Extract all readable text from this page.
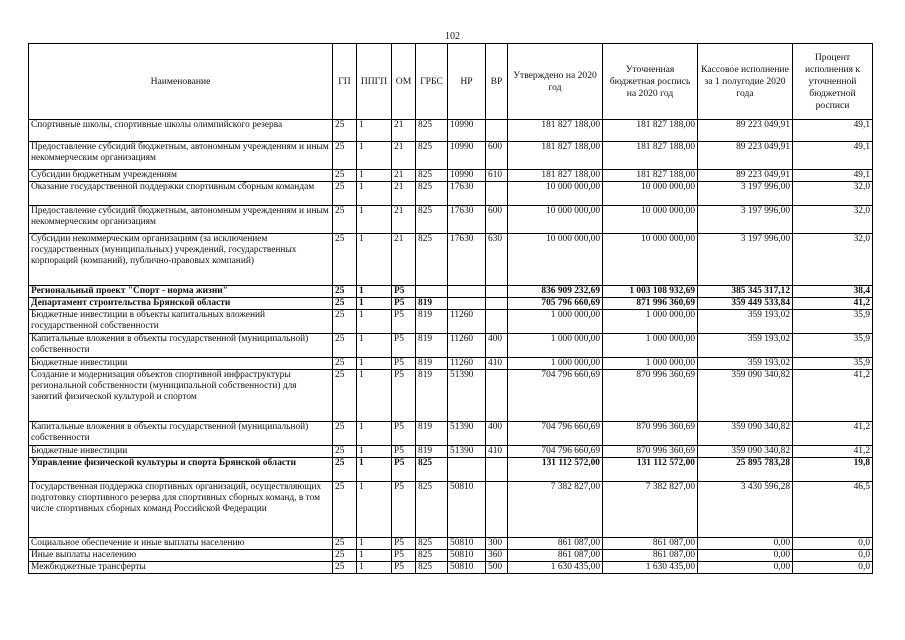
102
Наименование	ГП	ППГП	ОМ	ГРБС	НР	ВР	Утверждено на 2020 год	Уточненная бюджетная роспись на 2020 год	Кассовое исполнение за 1 полугодие 2020 года	Процент исполнения к уточненной бюджетной росписи
Спортивные школы, спортивные школы олимпийского резерва	25	1	21	825	10990		181 827 188,00	181 827 188,00	89 223 049,91	49,1
Предоставление субсидий бюджетным, автономным учреждениям и иным некоммерческим организациям	25	1	21	825	10990	600	181 827 188,00	181 827 188,00	89 223 049,91	49,1
Субсидии бюджетным учреждениям	25	1	21	825	10990	610	181 827 188,00	181 827 188,00	89 223 049,91	49,1
Оказание государственной поддержки спортивным сборным командам	25	1	21	825	17630		10 000 000,00	10 000 000,00	3 197 996,00	32,0
Предоставление субсидий бюджетным, автономным учреждениям и иным некоммерческим организациям	25	1	21	825	17630	600	10 000 000,00	10 000 000,00	3 197 996,00	32,0
Субсидии некоммерческим организациям (за исключением государственных (муниципальных) учреждений, государственных корпораций (компаний), публично-правовых компаний)	25	1	21	825	17630	630	10 000 000,00	10 000 000,00	3 197 996,00	32,0
Региональный проект "Спорт - норма жизни"	25	1	P5				836 909 232,69	1 003 108 932,69	385 345 317,12	38,4
Департамент строительства Брянской области	25	1	P5	819			705 796 660,69	871 996 360,69	359 449 533,84	41,2
Бюджетные инвестиции в объекты капитальных вложений государственной собственности	25	1	P5	819	11260		1 000 000,00	1 000 000,00	359 193,02	35,9
Капитальные вложения в объекты государственной (муниципальной) собственности	25	1	P5	819	11260	400	1 000 000,00	1 000 000,00	359 193,02	35,9
Бюджетные инвестиции	25	1	P5	819	11260	410	1 000 000,00	1 000 000,00	359 193,02	35,9
Создание и модернизация объектов спортивной инфраструктуры региональной собственности (муниципальной собственности) для занятий физической культурой и спортом	25	1	P5	819	51390		704 796 660,69	870 996 360,69	359 090 340,82	41,2
Капитальные вложения в объекты государственной (муниципальной) собственности	25	1	P5	819	51390	400	704 796 660,69	870 996 360,69	359 090 340,82	41,2
Бюджетные инвестиции	25	1	P5	819	51390	410	704 796 660,69	870 996 360,69	359 090 340,82	41,2
Управление физической культуры и спорта Брянской области	25	1	P5	825			131 112 572,00	131 112 572,00	25 895 783,28	19,8
Государственная поддержка спортивных организаций, осуществляющих подготовку спортивного резерва для спортивных сборных команд, в том числе спортивных сборных команд Российской Федерации	25	1	P5	825	50810		7 382 827,00	7 382 827,00	3 430 596,28	46,5
Социальное обеспечение и иные выплаты населению	25	1	P5	825	50810	300	861 087,00	861 087,00	0,00	0,0
Иные выплаты населению	25	1	P5	825	50810	360	861 087,00	861 087,00	0,00	0,0
Межбюджетные трансферты	25	1	P5	825	50810	500	1 630 435,00	1 630 435,00	0,00	0,0
